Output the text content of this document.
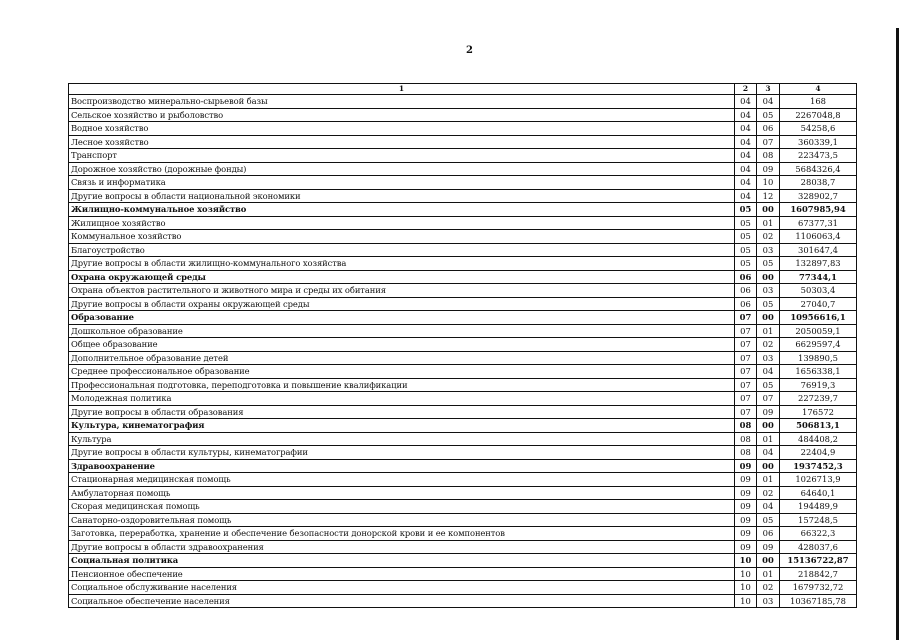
2
1	2	3	4
Воспроизводство минерально-сырьевой базы	04	04	168
Сельское хозяйство и рыболовство	04	05	2267048,8
Водное хозяйство	04	06	54258,6
Лесное хозяйство	04	07	360339,1
Транспорт	04	08	223473,5
Дорожное хозяйство (дорожные фонды)	04	09	5684326,4
Связь и информатика	04	10	28038,7
Другие вопросы в области национальной экономики	04	12	328902,7
Жилищно-коммунальное хозяйство	05	00	1607985,94
Жилищное хозяйство	05	01	67377,31
Коммунальное хозяйство	05	02	1106063,4
Благоустройство	05	03	301647,4
Другие вопросы в области жилищно-коммунального хозяйства	05	05	132897,83
Охрана окружающей среды	06	00	77344,1
Охрана объектов растительного и животного мира и среды их обитания	06	03	50303,4
Другие вопросы в области охраны окружающей среды	06	05	27040,7
Образование	07	00	10956616,1
Дошкольное образование	07	01	2050059,1
Общее образование	07	02	6629597,4
Дополнительное образование детей	07	03	139890,5
Среднее профессиональное образование	07	04	1656338,1
Профессиональная подготовка, переподготовка и повышение квалификации	07	05	76919,3
Молодежная политика	07	07	227239,7
Другие вопросы в области образования	07	09	176572
Культура, кинематография	08	00	506813,1
Культура	08	01	484408,2
Другие вопросы в области культуры, кинематографии	08	04	22404,9
Здравоохранение	09	00	1937452,3
Стационарная медицинская помощь	09	01	1026713,9
Амбулаторная помощь	09	02	64640,1
Скорая медицинская помощь	09	04	194489,9
Санаторно-оздоровительная помощь	09	05	157248,5
Заготовка, переработка, хранение и обеспечение безопасности донорской крови и ее компонентов	09	06	66322,3
Другие вопросы в области здравоохранения	09	09	428037,6
Социальная политика	10	00	15136722,87
Пенсионное обеспечение	10	01	218842,7
Социальное обслуживание населения	10	02	1679732,72
Социальное обеспечение населения	10	03	10367185,78
